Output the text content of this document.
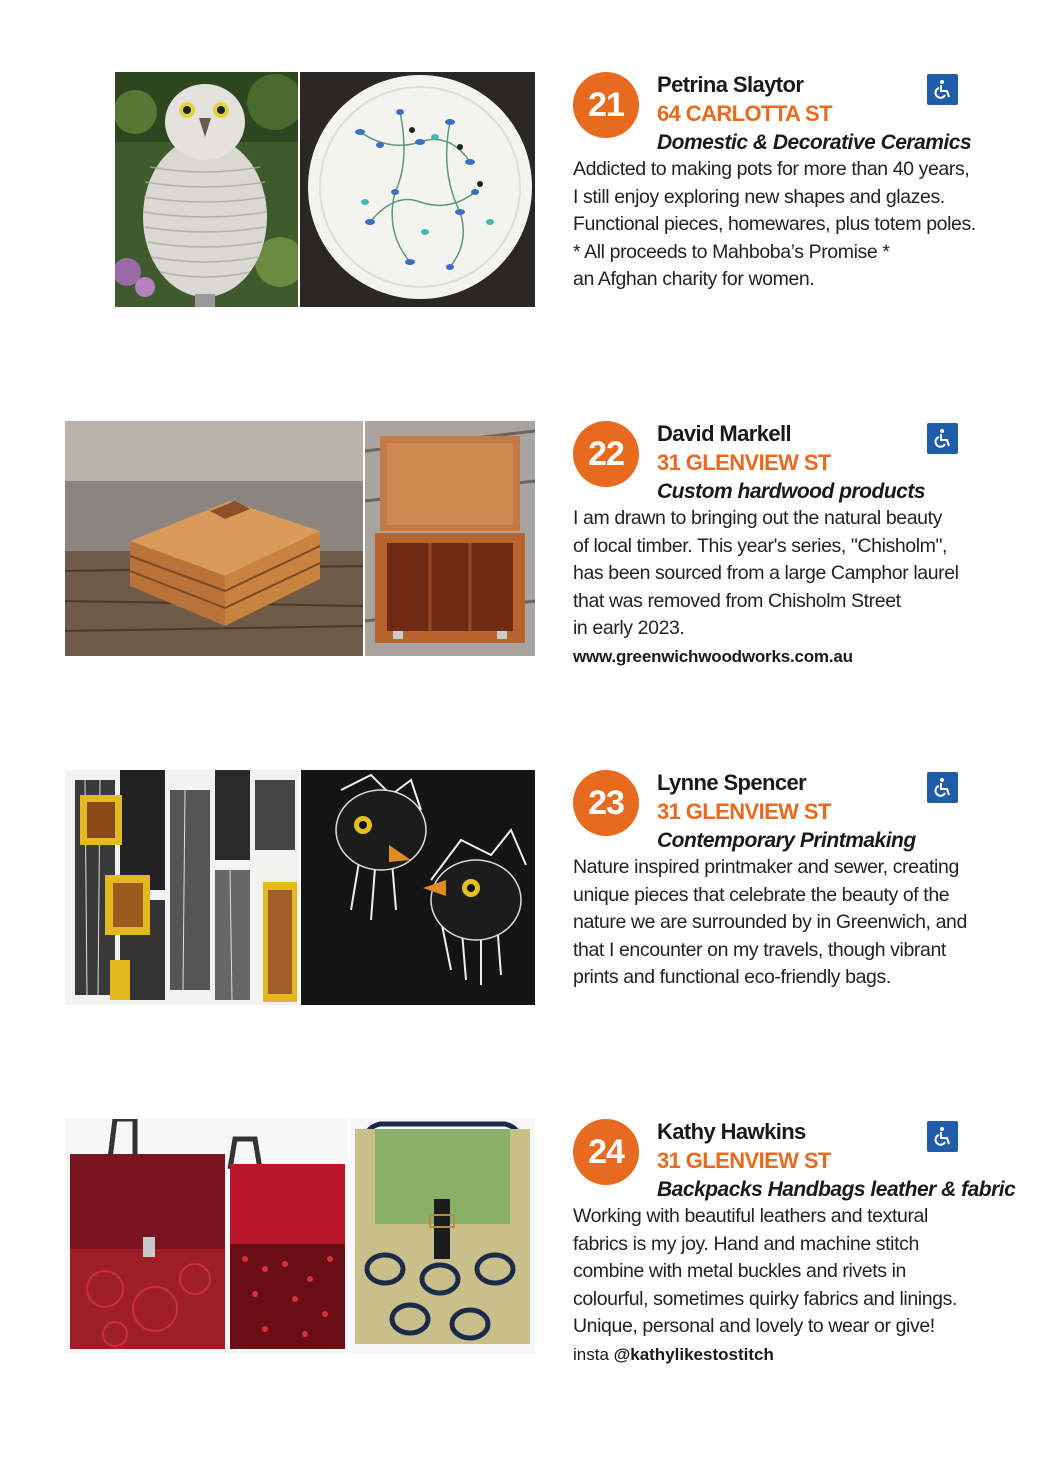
21
Petrina Slaytor
64 CARLOTTA ST
Domestic & Decorative Ceramics
Addicted to making pots for more than 40 years,
I still enjoy exploring new shapes and glazes.
Functional pieces, homewares, plus totem poles.
* All proceeds to Mahboba’s Promise *
an Afghan charity for women.
22
David Markell
31 GLENVIEW ST
Custom hardwood products
I am drawn to bringing out the natural beauty
of local timber. This year's series, "Chisholm",
has been sourced from a large Camphor laurel
that was removed from Chisholm Street
in early 2023.
www.greenwichwoodworks.com.au
23
Lynne Spencer
31 GLENVIEW ST
Contemporary Printmaking
Nature inspired printmaker and sewer, creating
unique pieces that celebrate the beauty of the
nature we are surrounded by in Greenwich, and
that I encounter on my travels, though vibrant
prints and functional eco-friendly bags.
24
Kathy Hawkins
31 GLENVIEW ST
Backpacks Handbags leather & fabric
Working with beautiful leathers and textural
fabrics is my joy. Hand and machine stitch
combine with metal buckles and rivets in
colourful, sometimes quirky fabrics and linings.
Unique, personal and lovely to wear or give!
insta @kathylikestostitch
